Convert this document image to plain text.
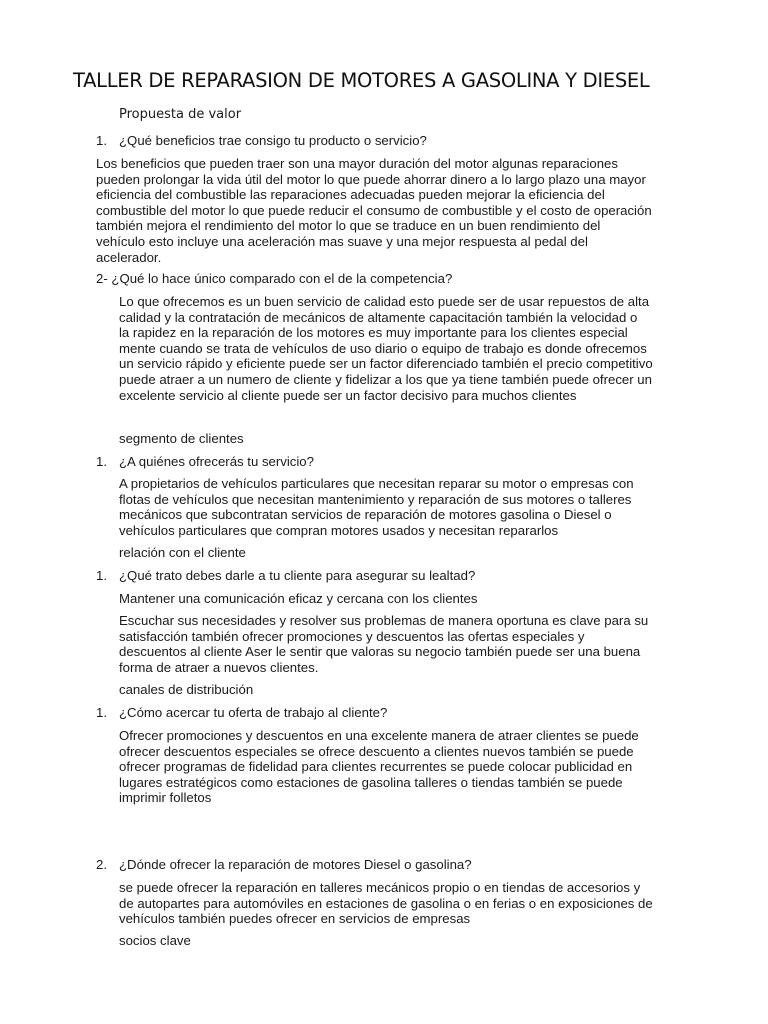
TALLER DE REPARASION DE MOTORES A GASOLINA Y DIESEL
Propuesta de valor
1. ¿Qué beneficios trae consigo tu producto o servicio?
Los beneficios que pueden traer son una mayor duración del motor algunas reparaciones
pueden prolongar la vida útil del motor lo que puede ahorrar dinero a lo largo plazo una mayor
eficiencia del combustible las reparaciones adecuadas pueden mejorar la eficiencia del
combustible del motor lo que puede reducir el consumo de combustible y el costo de operación
también mejora el rendimiento del motor lo que se traduce en un buen rendimiento del
vehículo esto incluye una aceleración mas suave y una mejor respuesta al pedal del
acelerador.
2- ¿Qué lo hace único comparado con el de la competencia?
Lo que ofrecemos es un buen servicio de calidad esto puede ser de usar repuestos de alta
calidad y la contratación de mecánicos de altamente capacitación también la velocidad o
la rapidez en la reparación de los motores es muy importante para los clientes especial
mente cuando se trata de vehículos de uso diario o equipo de trabajo es donde ofrecemos
un servicio rápido y eficiente puede ser un factor diferenciado también el precio competitivo
puede atraer a un numero de cliente y fidelizar a los que ya tiene también puede ofrecer un
excelente servicio al cliente puede ser un factor decisivo para muchos clientes
segmento de clientes
1. ¿A quiénes ofrecerás tu servicio?
A propietarios de vehículos particulares que necesitan reparar su motor o empresas con
flotas de vehículos que necesitan mantenimiento y reparación de sus motores o talleres
mecánicos que subcontratan servicios de reparación de motores gasolina o Diesel o
vehículos particulares que compran motores usados y necesitan repararlos
relación con el cliente
1. ¿Qué trato debes darle a tu cliente para asegurar su lealtad?
Mantener una comunicación eficaz y cercana con los clientes
Escuchar sus necesidades y resolver sus problemas de manera oportuna es clave para su
satisfacción también ofrecer promociones y descuentos las ofertas especiales y
descuentos al cliente Aser le sentir que valoras su negocio también puede ser una buena
forma de atraer a nuevos clientes.
canales de distribución
1. ¿Cómo acercar tu oferta de trabajo al cliente?
Ofrecer promociones y descuentos en una excelente manera de atraer clientes se puede
ofrecer descuentos especiales se ofrece descuento a clientes nuevos también se puede
ofrecer programas de fidelidad para clientes recurrentes se puede colocar publicidad en
lugares estratégicos como estaciones de gasolina talleres o tiendas también se puede
imprimir folletos
2. ¿Dónde ofrecer la reparación de motores Diesel o gasolina?
se puede ofrecer la reparación en talleres mecánicos propio o en tiendas de accesorios y
de autopartes para automóviles en estaciones de gasolina o en ferias o en exposiciones de
vehículos también puedes ofrecer en servicios de empresas
socios clave
